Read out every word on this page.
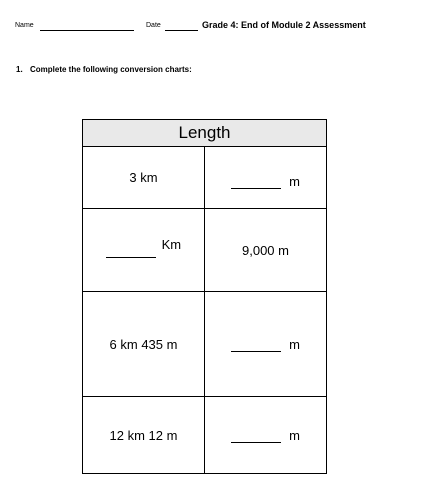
Name	Date	Grade 4: End of Module 2 Assessment
1. Complete the following conversion charts:
Length	
3 km	m
Km	9,000 m
6 km 435 m	m
12 km 12 m	m
